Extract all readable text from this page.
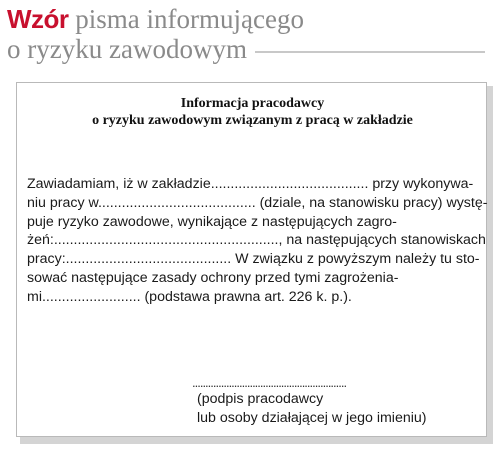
Wzór pisma informującego
o ryzyku zawodowym
Informacja pracodawcy
o ryzyku zawodowym związanym z pracą w zakładzie
Zawiadamiam, iż w zakładzie........................................ przy wykonywa-
niu pracy w........................................ (dziale, na stanowisku pracy) wystę-
puje ryzyko zawodowe, wynikające z następujących zagro-
żeń:........................................................., na następujących stanowiskach
pracy:.......................................... W związku z powyższym należy tu sto-
sować następujące zasady ochrony przed tymi zagrożenia-
mi......................... (podstawa prawna art. 226 k. p.).
...........................................................
(podpis pracodawcy
lub osoby działającej w jego imieniu)
